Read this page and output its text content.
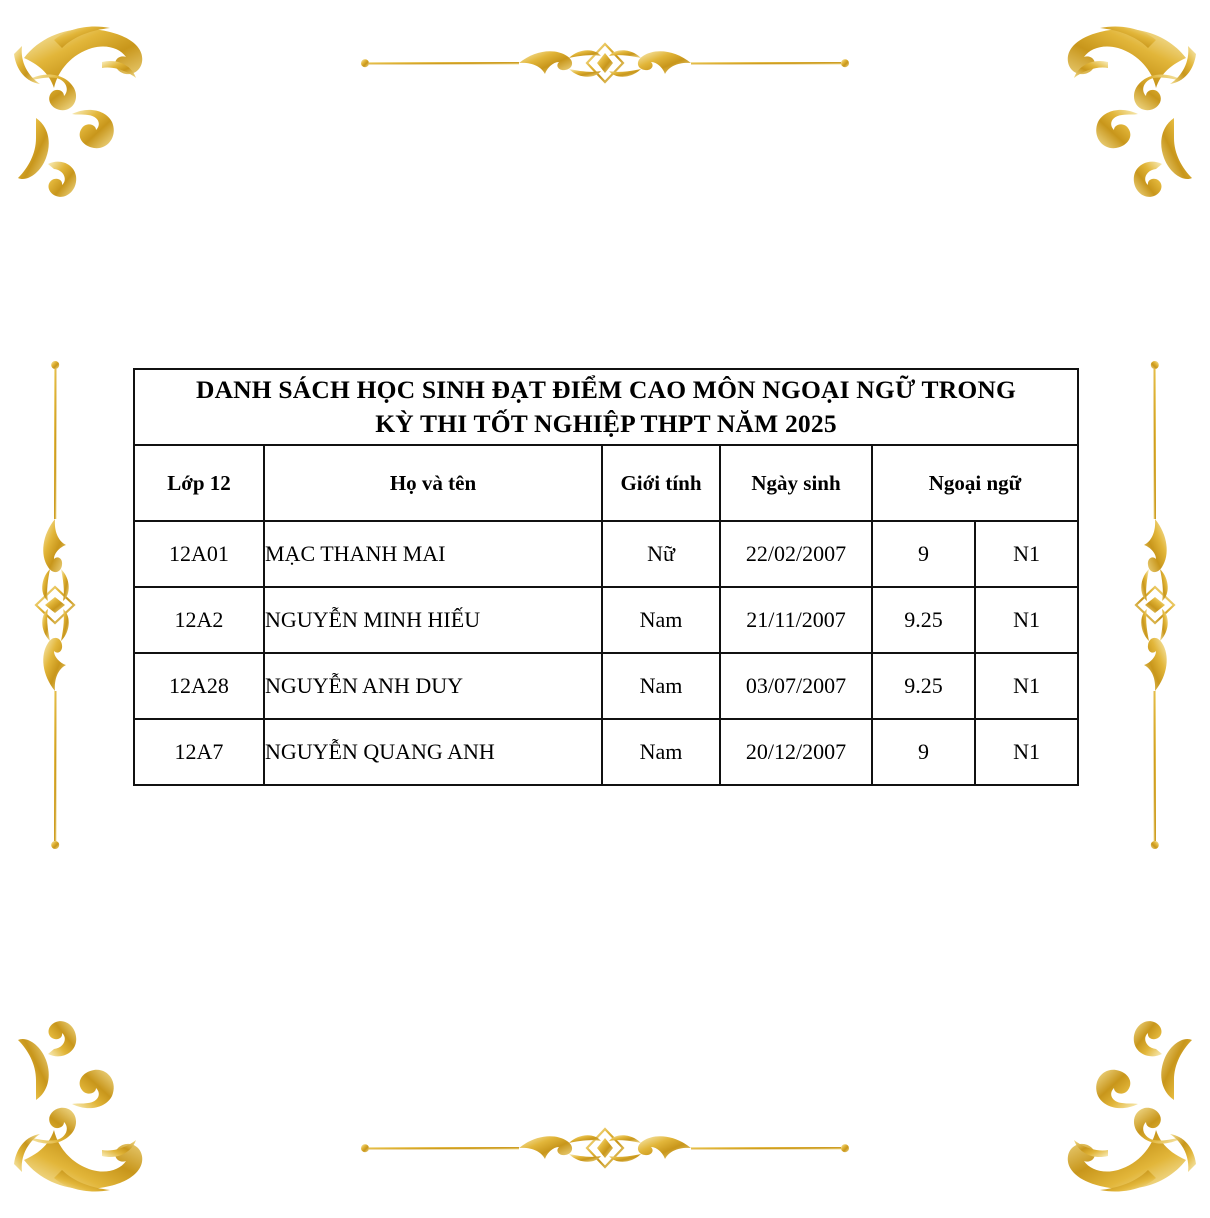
DANH SÁCH HỌC SINH ĐẠT ĐIỂM CAO MÔN NGOẠI NGỮ TRONG
KỲ THI TỐT NGHIỆP THPT NĂM 2025					

Lớp 12	Họ và tên	Giới tính	Ngày sinh	Ngoại ngữ	
12A01	MẠC THANH MAI	Nữ	22/02/2007	9	N1
12A2	NGUYỄN MINH HIẾU	Nam	21/11/2007	9.25	N1
12A28	NGUYỄN ANH DUY	Nam	03/07/2007	9.25	N1
12A7	NGUYỄN QUANG ANH	Nam	20/12/2007	9	N1
